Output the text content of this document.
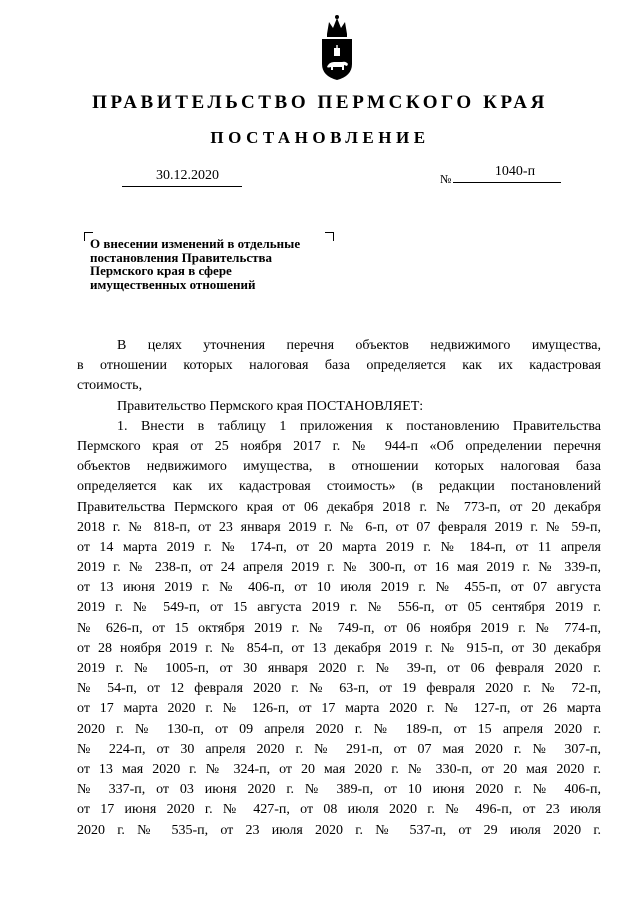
ПРАВИТЕЛЬСТВО ПЕРМСКОГО КРАЯ
ПОСТАНОВЛЕНИЕ
30.12.2020	№	1040-п
О внесении изменений в отдельные
постановления Правительства
Пермского края в сфере
имущественных отношений
В целях уточнения перечня объектов недвижимого имущества,
в отношении которых налоговая база определяется как их кадастровая
стоимость,
Правительство Пермского края ПОСТАНОВЛЯЕТ:
1. Внести в таблицу 1 приложения к постановлению Правительства
Пермского края от 25 ноября 2017 г. № 944-п «Об определении перечня
объектов недвижимого имущества, в отношении которых налоговая база
определяется как их кадастровая стоимость» (в редакции постановлений
Правительства Пермского края от 06 декабря 2018 г. № 773-п, от 20 декабря
2018 г. № 818-п, от 23 января 2019 г. № 6-п, от 07 февраля 2019 г. № 59-п,
от 14 марта 2019 г. № 174-п, от 20 марта 2019 г. № 184-п, от 11 апреля
2019 г. № 238-п, от 24 апреля 2019 г. № 300-п, от 16 мая 2019 г. № 339-п,
от 13 июня 2019 г. № 406-п, от 10 июля 2019 г. № 455-п, от 07 августа
2019 г. № 549-п, от 15 августа 2019 г. № 556-п, от 05 сентября 2019 г.
№ 626-п, от 15 октября 2019 г. № 749-п, от 06 ноября 2019 г. № 774-п,
от 28 ноября 2019 г. № 854-п, от 13 декабря 2019 г. № 915-п, от 30 декабря
2019 г. № 1005-п, от 30 января 2020 г. № 39-п, от 06 февраля 2020 г.
№ 54-п, от 12 февраля 2020 г. № 63-п, от 19 февраля 2020 г. № 72-п,
от 17 марта 2020 г. № 126-п, от 17 марта 2020 г. № 127-п, от 26 марта
2020 г. № 130-п, от 09 апреля 2020 г. № 189-п, от 15 апреля 2020 г.
№ 224-п, от 30 апреля 2020 г. № 291-п, от 07 мая 2020 г. № 307-п,
от 13 мая 2020 г. № 324-п, от 20 мая 2020 г. № 330-п, от 20 мая 2020 г.
№ 337-п, от 03 июня 2020 г. № 389-п, от 10 июня 2020 г. № 406-п,
от 17 июня 2020 г. № 427-п, от 08 июля 2020 г. № 496-п, от 23 июля
2020 г. № 535-п, от 23 июля 2020 г. № 537-п, от 29 июля 2020 г.
